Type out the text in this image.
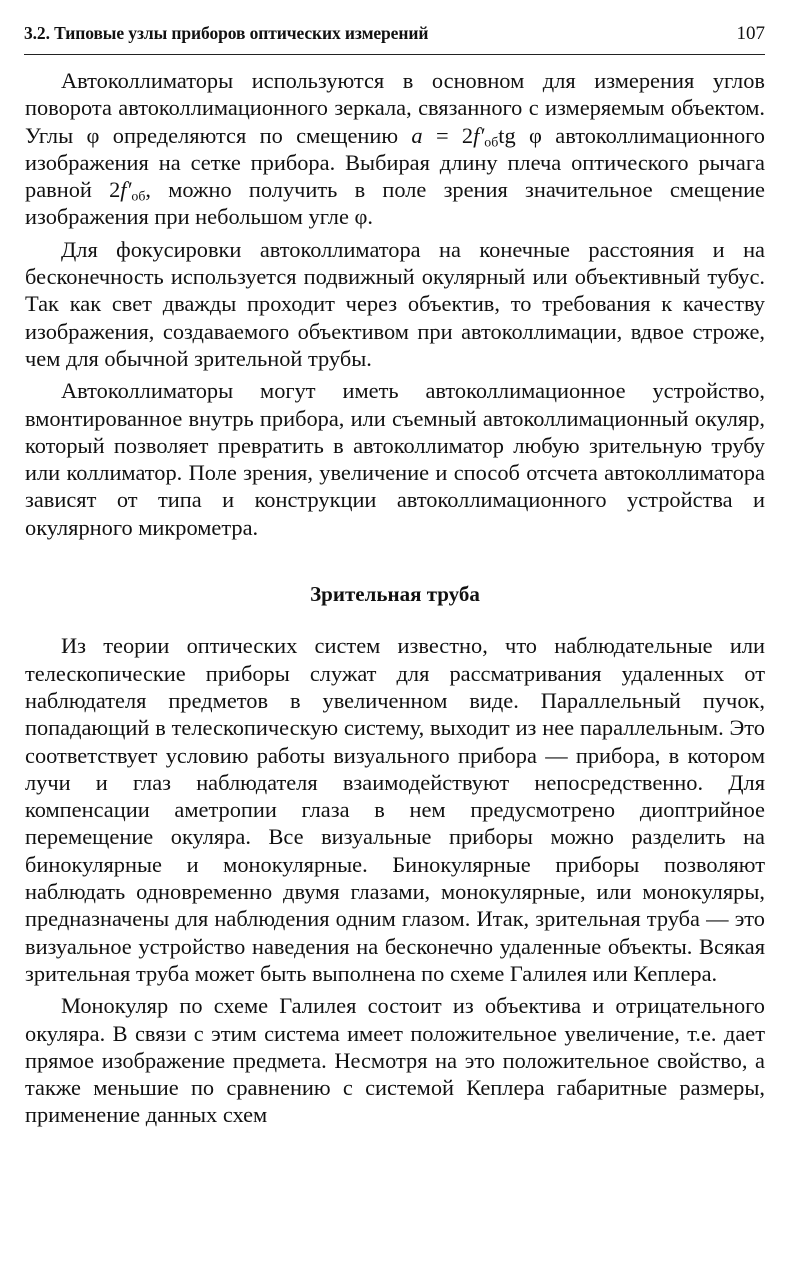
3.2. Типовые узлы приборов оптических измерений	107

Автоколлиматоры используются в основном для измерения углов поворота автоколлимационного зеркала, связанного с измеряемым объектом. Углы φ определяются по смещению $a = 2f'_{об}tg$ φ автоколлимационного изображения на сетке прибора. Выбирая длину плеча оптического рычага равной $2f'_{об}$, можно получить в поле зрения значительное смещение изображения при небольшом угле φ.

Для фокусировки автоколлиматора на конечные расстояния и на бесконечность используется подвижный окулярный или объективный тубус. Так как свет дважды проходит через объектив, то требования к качеству изображения, создаваемого объективом при автоколлимации, вдвое строже, чем для обычной зрительной трубы.

Автоколлиматоры могут иметь автоколлимационное устройство, вмонтированное внутрь прибора, или съемный автоколлимационный окуляр, который позволяет превратить в автоколлиматор любую зрительную трубу или коллиматор. Поле зрения, увеличение и способ отсчета автоколлиматора зависят от типа и конструкции автоколлимационного устройства и окулярного микрометра.

Зрительная труба

Из теории оптических систем известно, что наблюдательные или телескопические приборы служат для рассматривания удаленных от наблюдателя предметов в увеличенном виде. Параллельный пучок, попадающий в телескопическую систему, выходит из нее параллельным. Это соответствует условию работы визуального прибора — прибора, в котором лучи и глаз наблюдателя взаимодействуют непосредственно. Для компенсации аметропии глаза в нем предусмотрено диоптрийное перемещение окуляра. Все визуальные приборы можно разделить на бинокулярные и монокулярные. Бинокулярные приборы позволяют наблюдать одновременно двумя глазами, монокулярные, или монокуляры, предназначены для наблюдения одним глазом. Итак, зрительная труба — это визуальное устройство наведения на бесконечно удаленные объекты. Всякая зрительная труба может быть выполнена по схеме Галилея или Кеплера.

Монокуляр по схеме Галилея состоит из объектива и отрицательного окуляра. В связи с этим система имеет положительное увеличение, т.е. дает прямое изображение предмета. Несмотря на это положительное свойство, а также меньшие по сравнению с системой Кеплера габаритные размеры, применение данных схем
